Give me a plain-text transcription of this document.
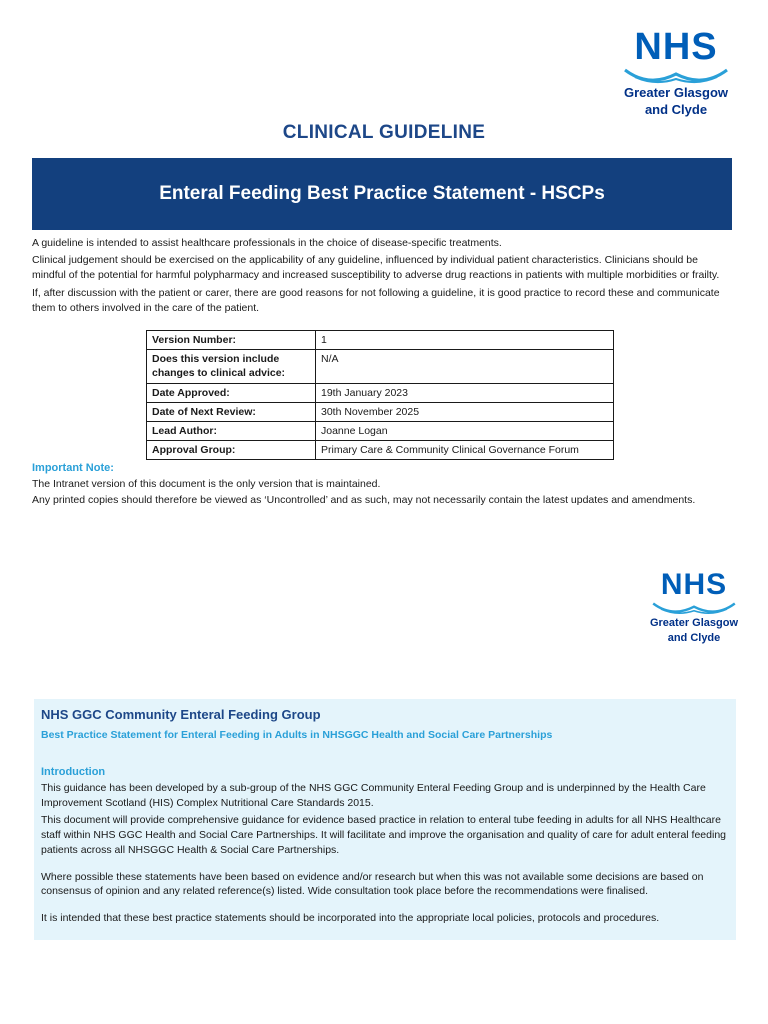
NHS
Greater Glasgow
and Clyde
CLINICAL GUIDELINE
Enteral Feeding Best Practice Statement - HSCPs

A guideline is intended to assist healthcare professionals in the choice of disease-specific treatments.

Clinical judgement should be exercised on the applicability of any guideline, influenced by individual patient characteristics. Clinicians should be mindful of the potential for harmful polypharmacy and increased susceptibility to adverse drug reactions in patients with multiple morbidities or frailty.

If, after discussion with the patient or carer, there are good reasons for not following a guideline, it is good practice to record these and communicate them to others involved in the care of the patient.

Version Number:	1
Does this version include changes to clinical advice:	N/A
Date Approved:	19th January 2023
Date of Next Review:	30th November 2025
Lead Author:	Joanne Logan
Approval Group:	Primary Care & Community Clinical Governance Forum
Important Note:

The Intranet version of this document is the only version that is maintained.

Any printed copies should therefore be viewed as ‘Uncontrolled’ and as such, may not necessarily contain the latest updates and amendments.

NHS
Greater Glasgow
and Clyde
NHS GGC Community Enteral Feeding Group
Best Practice Statement for Enteral Feeding in Adults in NHSGGC Health and Social Care Partnerships
Introduction

This guidance has been developed by a sub-group of the NHS GGC Community Enteral Feeding Group and is underpinned by the Health Care Improvement Scotland (HIS) Complex Nutritional Care Standards 2015.

This document will provide comprehensive guidance for evidence based practice in relation to enteral tube feeding in adults for all NHS Healthcare staff within NHS GGC Health and Social Care Partnerships. It will facilitate and improve the organisation and quality of care for adult enteral feeding patients across all NHSGGC Health & Social Care Partnerships.

Where possible these statements have been based on evidence and/or research but when this was not available some decisions are based on consensus of opinion and any related reference(s) listed. Wide consultation took place before the recommendations were finalised.

It is intended that these best practice statements should be incorporated into the appropriate local policies, protocols and procedures.
